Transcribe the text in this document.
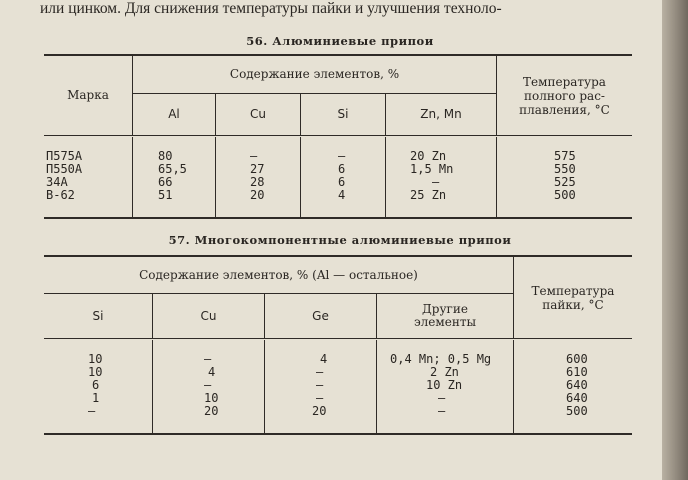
или цинком. Для снижения температуры пайки и улучшения техноло-
56. Алюминиевые припои
Марка
Содержание элементов, %
Температура полного рас- плавления, °С
Al	Cu	Si	Zn, Mn
П575А	80	—	—	20 Zn	575
П550А	65,5	27	6	1,5 Mn	550
34А	66	28	6	—	525
В-62	51	20	4	25 Zn	500
57. Многокомпонентные алюминиевые припои
Содержание элементов, % (Al — остальное)
Температура пайки, °С
Si	Cu	Ge	Другие элементы
10	—	4	0,4 Mn; 0,5 Mg	600
10	4	—	2 Zn	610
6	—	—	10 Zn	640
1	10	—	—	640
—	20	20	—	500
